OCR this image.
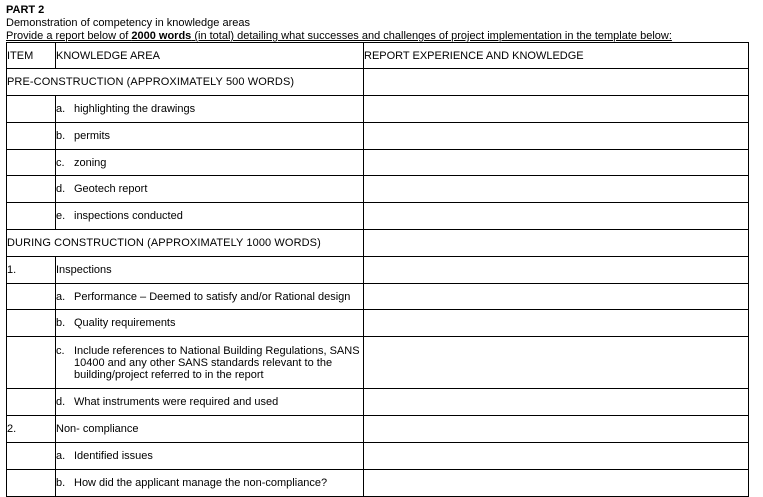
PART 2
Demonstration of competency in knowledge areas
Provide a report below of 2000 words (in total) detailing what successes and challenges of project implementation in the template below:
ITEM	KNOWLEDGE AREA	REPORT EXPERIENCE AND KNOWLEDGE
PRE-CONSTRUCTION (APPROXIMATELY 500 WORDS)		

	a. highlighting the drawings	

	b. permits	

	c. zoning	

	d. Geotech report	

	e. inspections conducted	

DURING CONSTRUCTION (APPROXIMATELY 1000 WORDS)		
1.	Inspections	

	a. Performance – Deemed to satisfy and/or Rational design	

	b. Quality requirements	

	c. Include references to National Building Regulations, SANS 10400 and any other SANS standards relevant to the building/project referred to in the report	

	d. What instruments were required and used	

2.	Non- compliance	

	a. Identified issues	

	b. How did the applicant manage the non-compliance?	
